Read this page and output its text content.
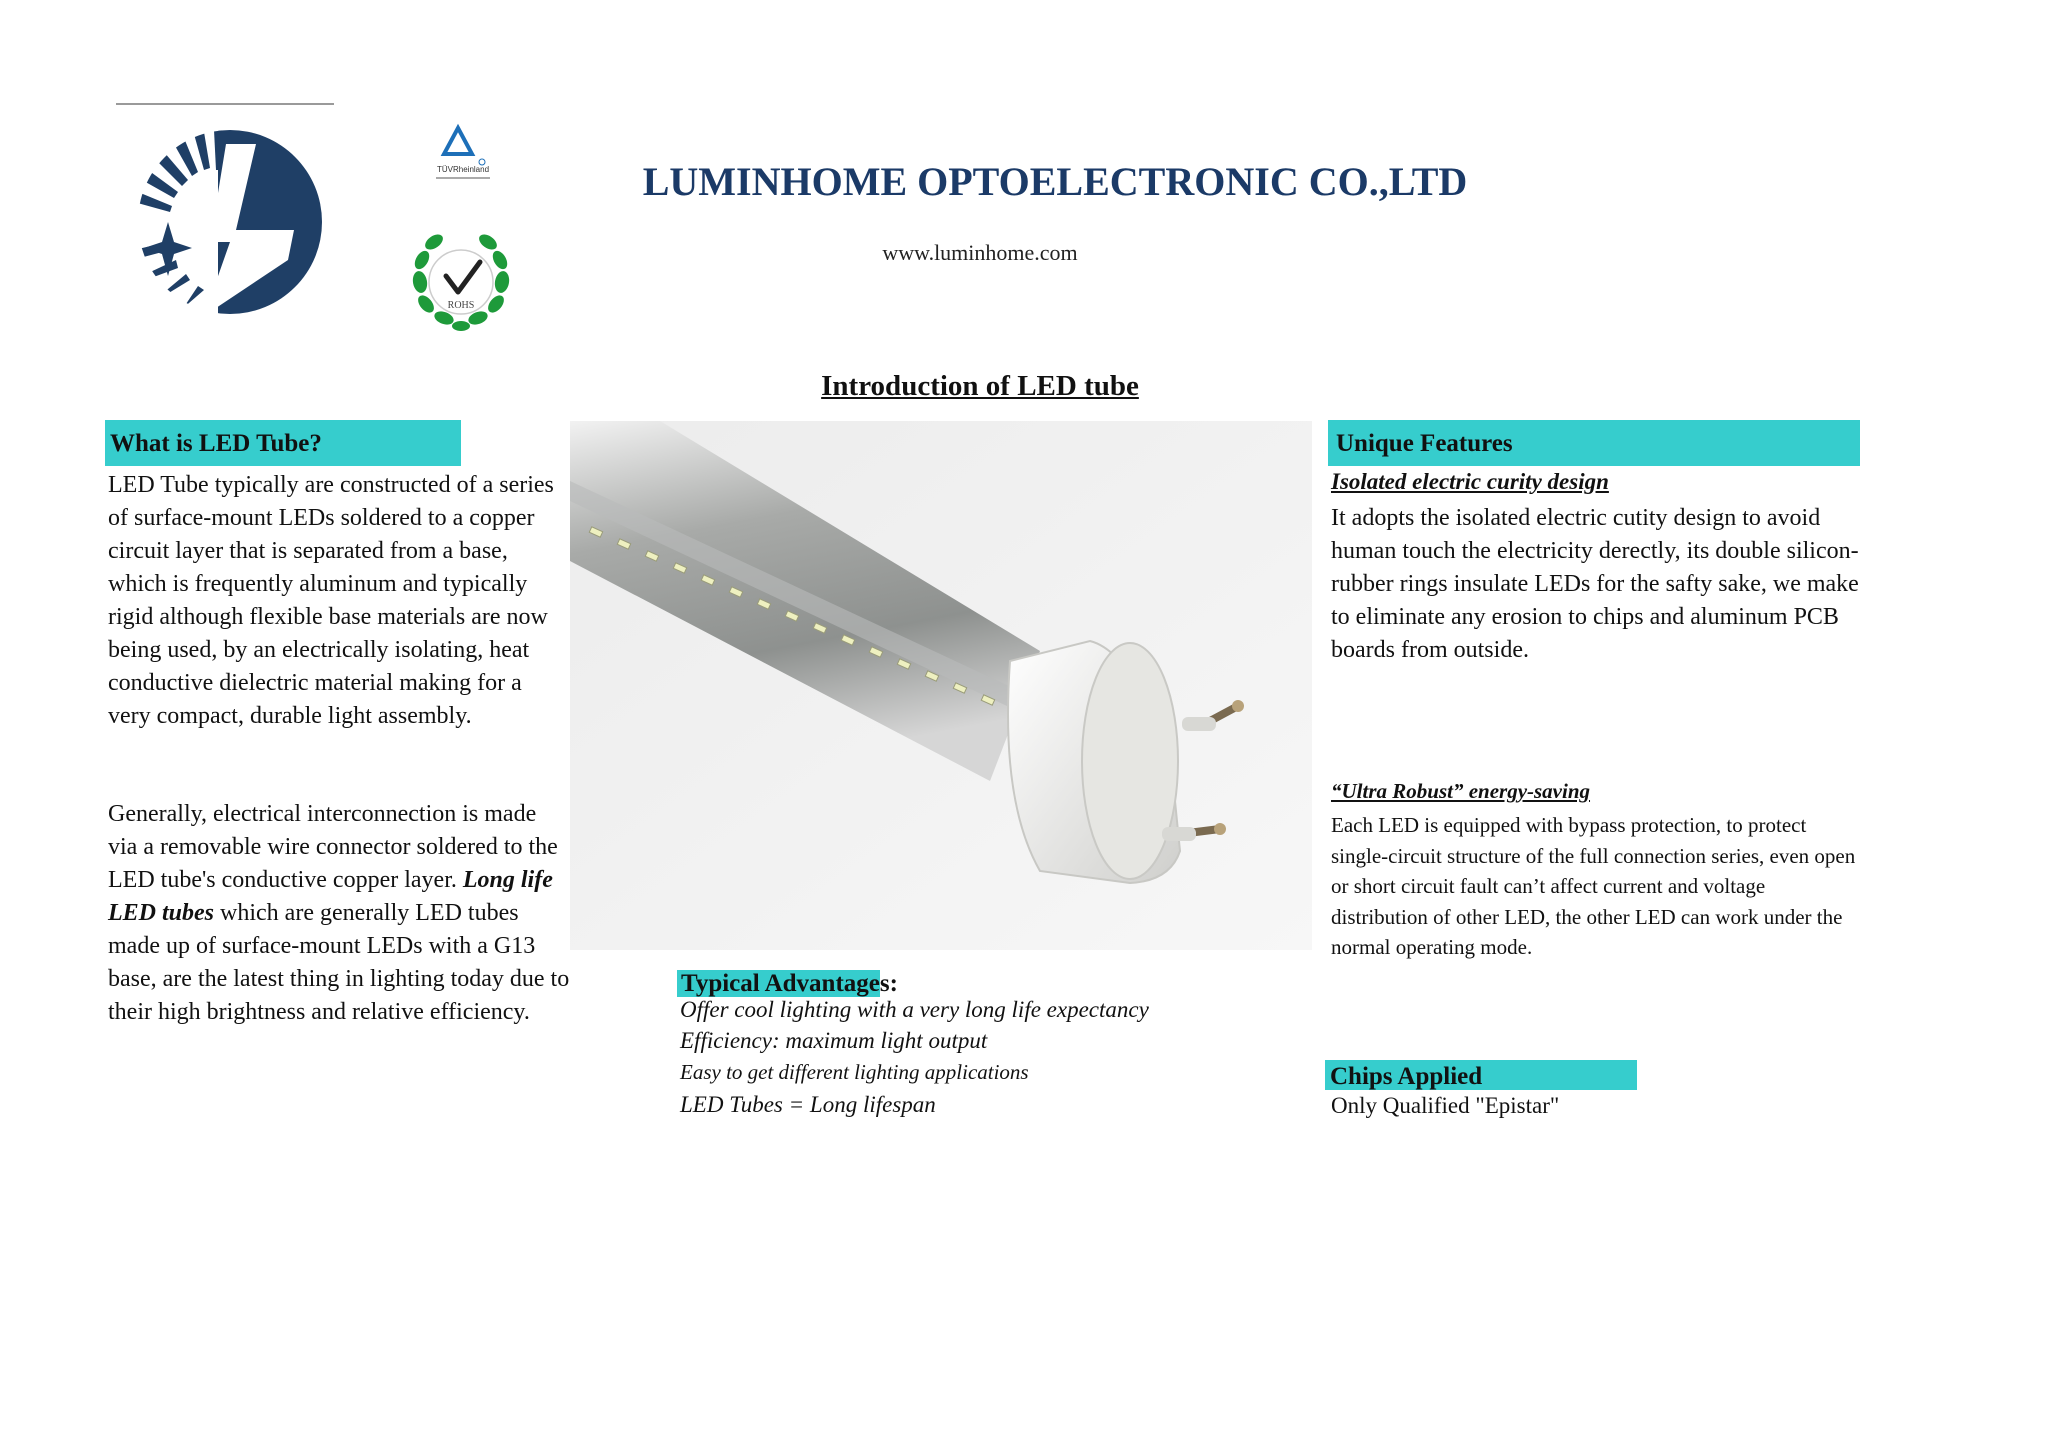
TÜVRheinland
ROHS
LUMINHOME OPTOELECTRONIC CO.,LTD
www.luminhome.com
Introduction of LED tube
What is LED Tube?
LED Tube typically are constructed of a series of surface-mount LEDs soldered to a copper circuit layer that is separated from a base, which is frequently aluminum and typically rigid although flexible base materials are now being used, by an electrically isolating, heat conductive dielectric material making for a very compact, durable light assembly.
Generally, electrical interconnection is made via a removable wire connector soldered to the LED tube's conductive copper layer. Long life LED tubes which are generally LED tubes made up of surface-mount LEDs with a G13 base, are the latest thing in lighting today due to their high brightness and relative efficiency.
Typical Advantages:
Offer cool lighting with a very long life expectancy
Efficiency: maximum light output
Easy to get different lighting applications
LED Tubes = Long lifespan
Unique Features
Isolated electric curity design
It adopts the isolated electric cutity design to avoid human touch the electricity derectly, its double silicon-rubber rings insulate LEDs for the safty sake, we make to eliminate any erosion to chips and aluminum PCB boards from outside.
“Ultra Robust” energy-saving
Each LED is equipped with bypass protection, to protect single-circuit structure of the full connection series, even open or short circuit fault can’t affect current and voltage distribution of other LED, the other LED can work under the normal operating mode.
Chips Applied
Only Qualified "Epistar"
